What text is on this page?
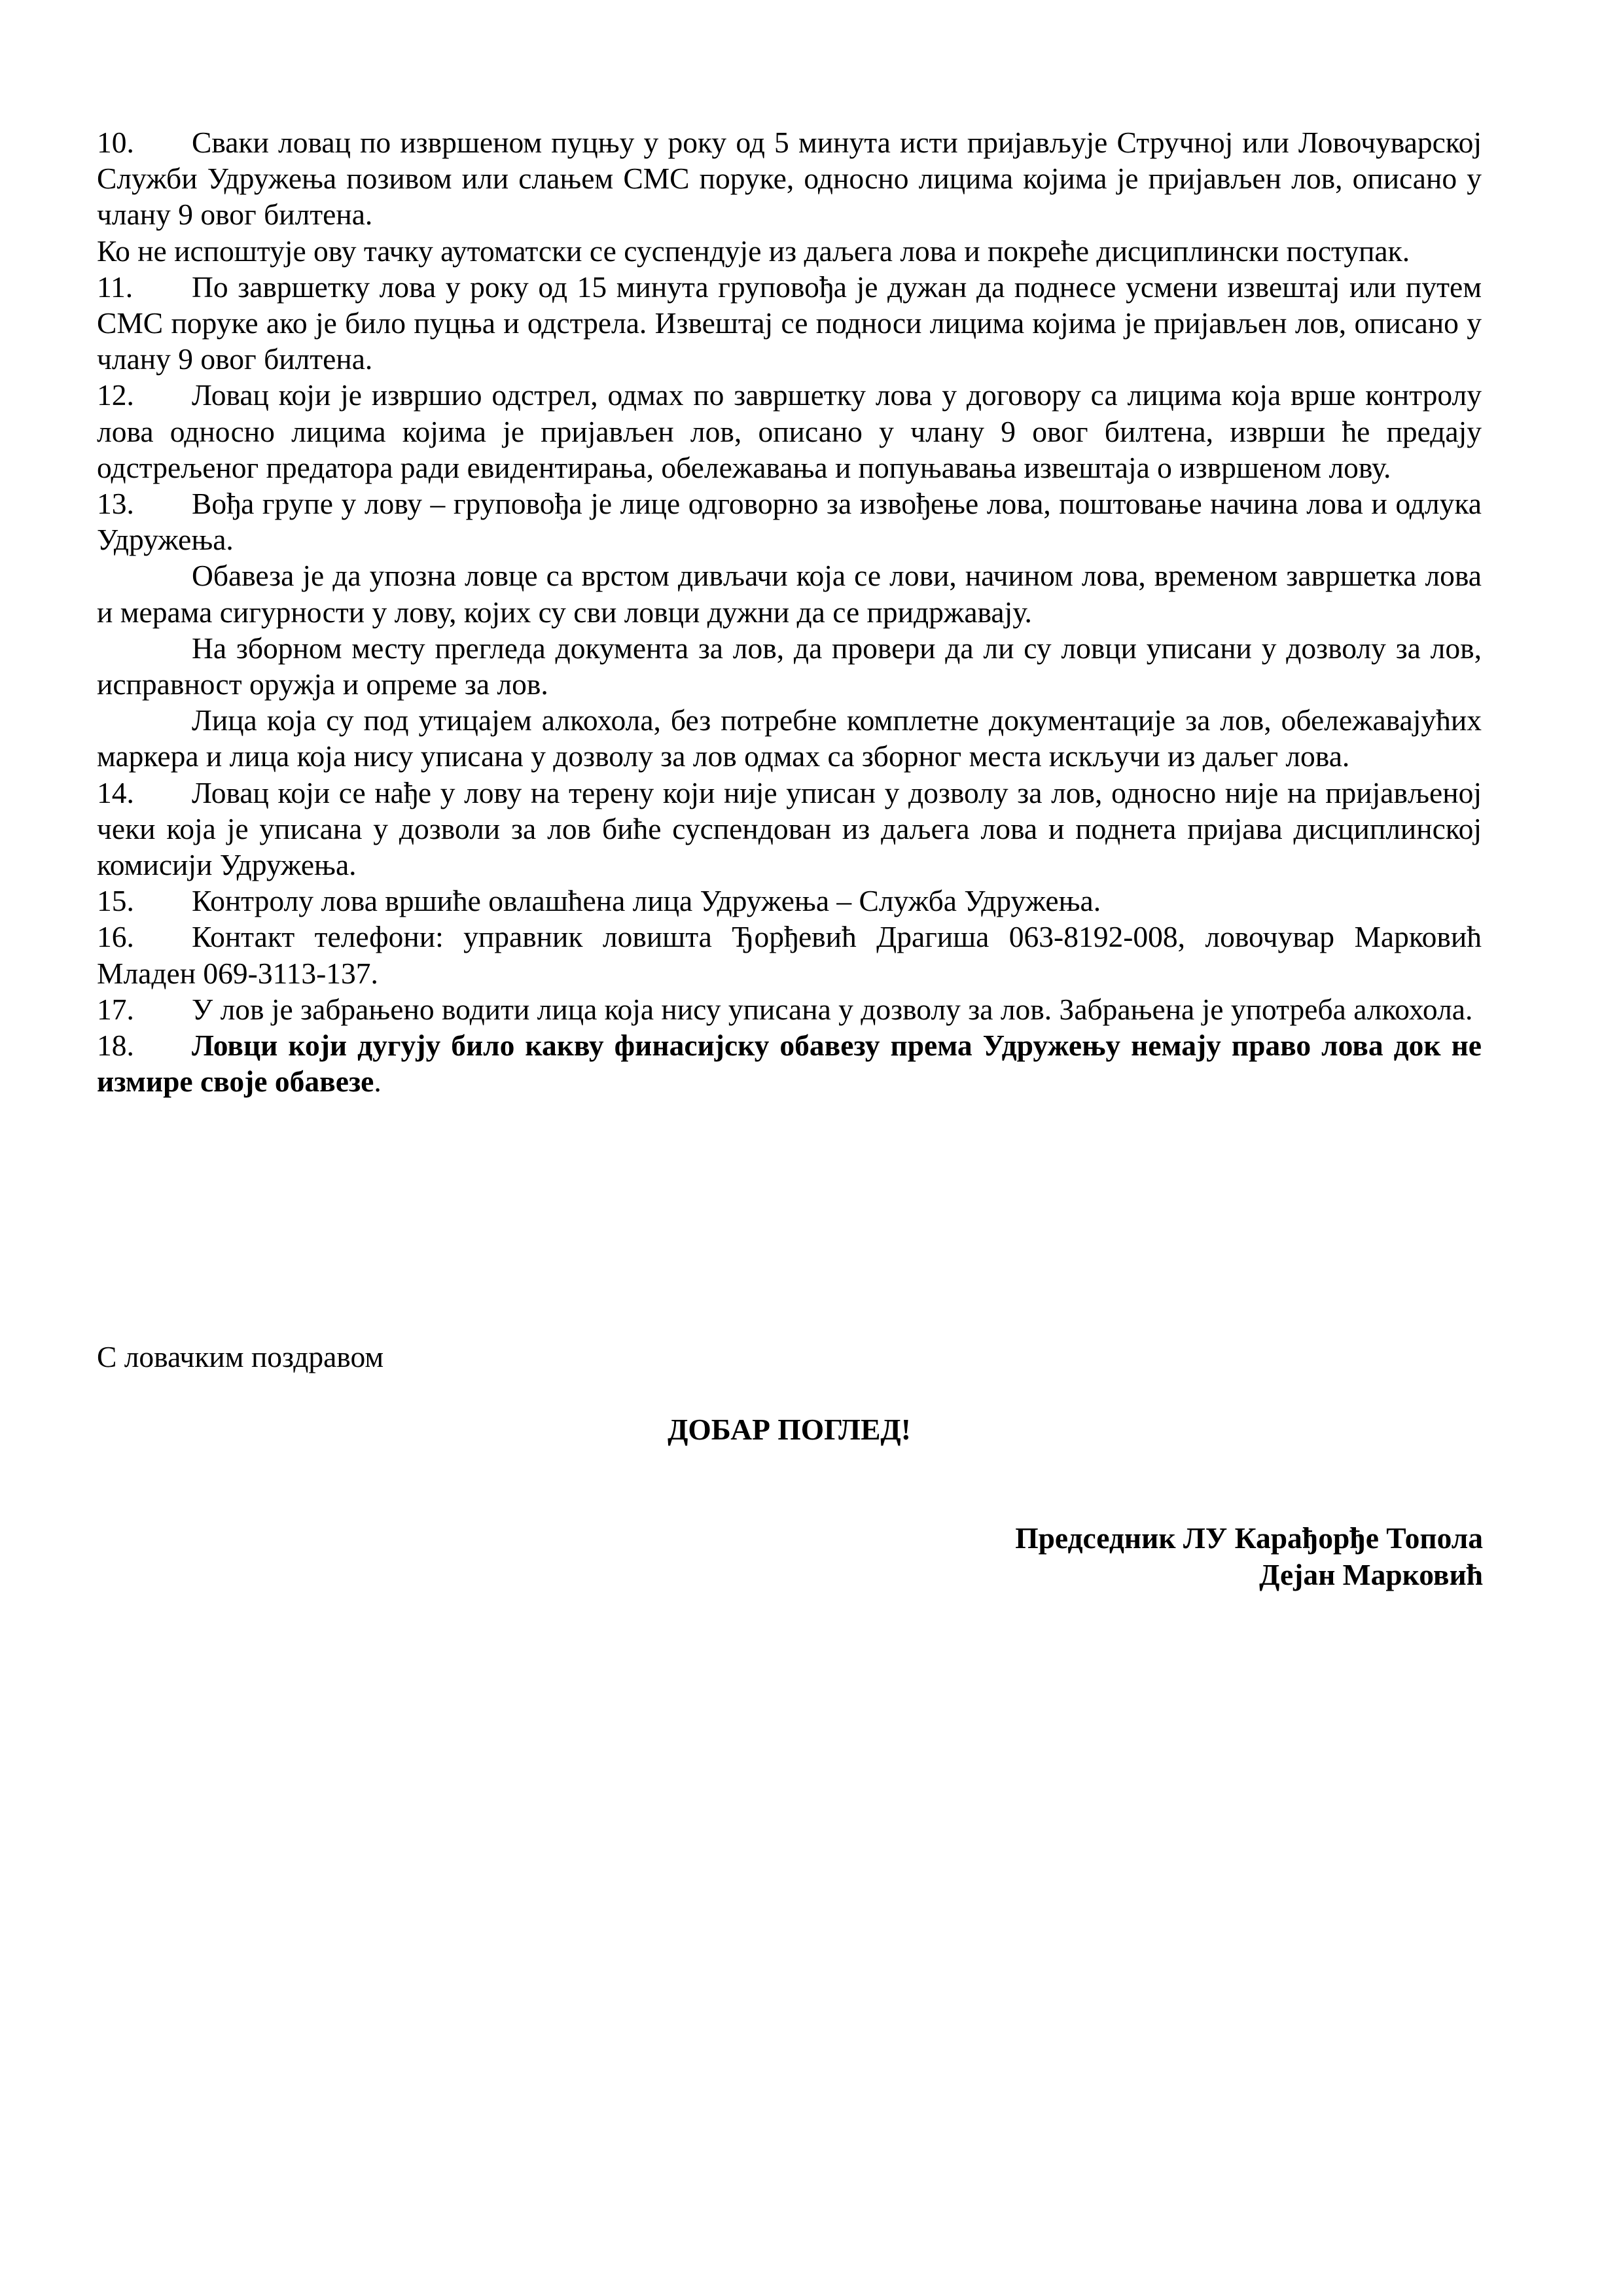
10. Сваки ловац по извршеном пуцњу у року од 5 минута исти пријављује Стручној или Ловочуварској Служби Удружења позивом или слањем СМС поруке, односно лицима којима је пријављен лов, описано у члану 9 овог билтена.

Ко не испоштује ову тачку аутоматски се суспендује из даљега лова и покреће дисциплински поступак.

11. По завршетку лова у року од 15 минута груповођа је дужан да поднесе усмени извештај или путем СМС поруке ако је било пуцња и одстрела. Извештај се подноси лицима којима је пријављен лов, описано у члану 9 овог билтена.

12. Ловац који је извршио одстрел, одмах по завршетку лова у договору са лицима која врше контролу лова односно лицима којима је пријављен лов, описано у члану 9 овог билтена, изврши ће предају одстрељеног предатора ради евидентирања, обележавања и попуњавања извештаја о извршеном лову.

13. Вођа групе у лову – груповођа је лице одговорно за извођење лова, поштовање начина лова и одлука Удружења.

Обавеза је да упозна ловце са врстом дивљачи која се лови, начином лова, временом завршетка лова и мерама сигурности у лову, којих су сви ловци дужни да се придржавају.

На зборном месту прегледа документа за лов, да провери да ли су ловци уписани у дозволу за лов, исправност оружја и опреме за лов.

Лица која су под утицајем алкохола, без потребне комплетне документације за лов, обележавајућих маркера и лица која нису уписана у дозволу за лов одмах са зборног места искључи из даљег лова.

14. Ловац који се нађе у лову на терену који није уписан у дозволу за лов, односно није на пријављеној чеки која је уписана у дозволи за лов биће суспендован из даљега лова и поднета пријава дисциплинској комисији Удружења.

15. Контролу лова вршиће овлашћена лица Удружења – Служба Удружења.

16. Контакт телефони: управник ловишта Ђорђевић Драгиша 063-8192-008, ловочувар Марковић Младен 069-3113-137.

17. У лов је забрањено водити лица која нису уписана у дозволу за лов. Забрањена је употреба алкохола.

18. Ловци који дугују било какву финасијску обавезу према Удружењу немају право лова док не измире своје обавезе.

С ловачким поздравом
ДОБАР ПОГЛЕД!
Председник ЛУ Карађорђе Топола
Дејан Марковић
